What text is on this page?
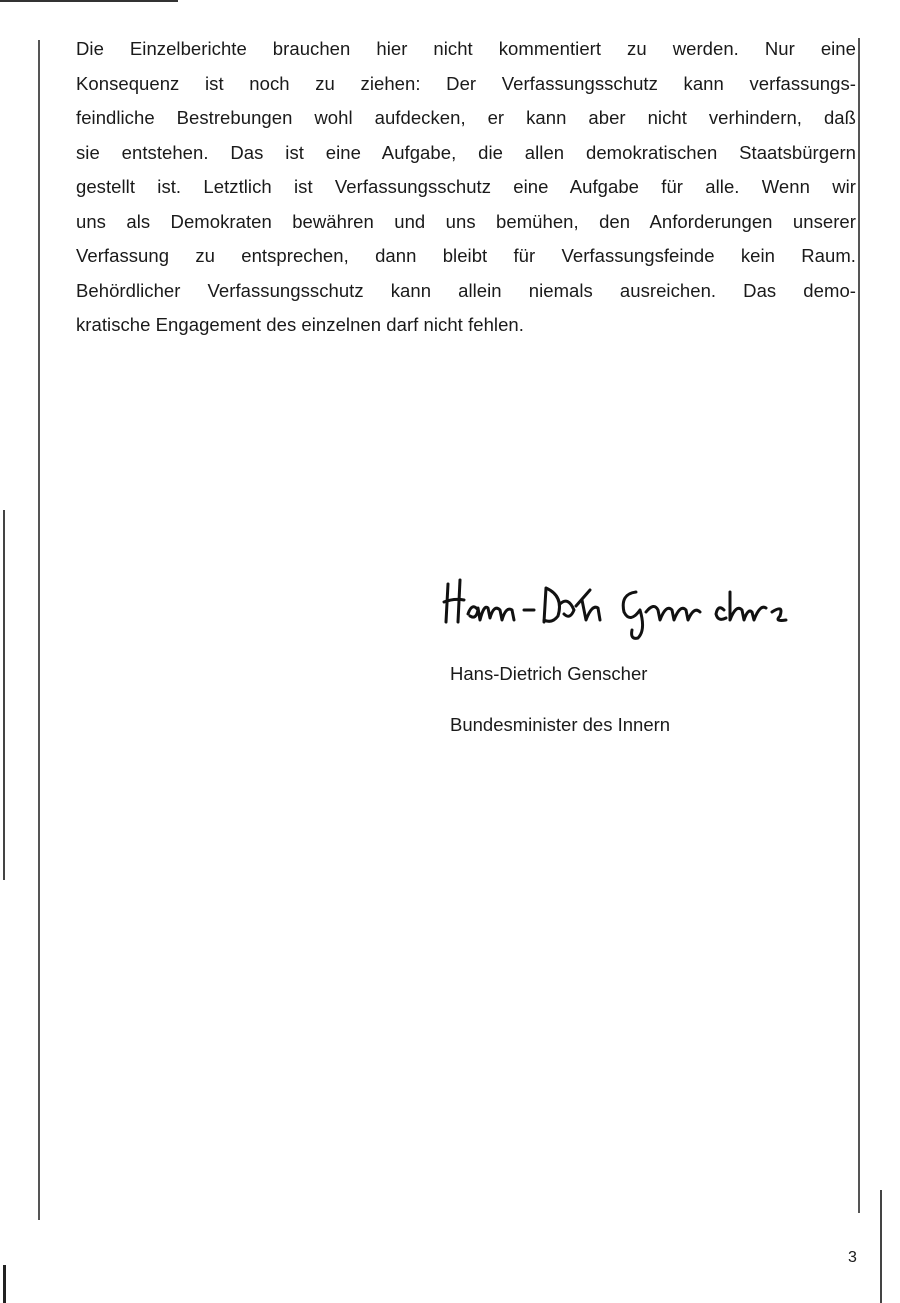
Die Einzelberichte brauchen hier nicht kommentiert zu werden. Nur eine
Konsequenz ist noch zu ziehen: Der Verfassungsschutz kann verfassungs-
feindliche Bestrebungen wohl aufdecken, er kann aber nicht verhindern, daß
sie entstehen. Das ist eine Aufgabe, die allen demokratischen Staatsbürgern
gestellt ist. Letztlich ist Verfassungsschutz eine Aufgabe für alle. Wenn wir
uns als Demokraten bewähren und uns bemühen, den Anforderungen unserer
Verfassung zu entsprechen, dann bleibt für Verfassungsfeinde kein Raum.
Behördlicher Verfassungsschutz kann allein niemals ausreichen. Das demo-
kratische Engagement des einzelnen darf nicht fehlen.
Hans-Dietrich Genscher
Bundesminister des Innern
3
